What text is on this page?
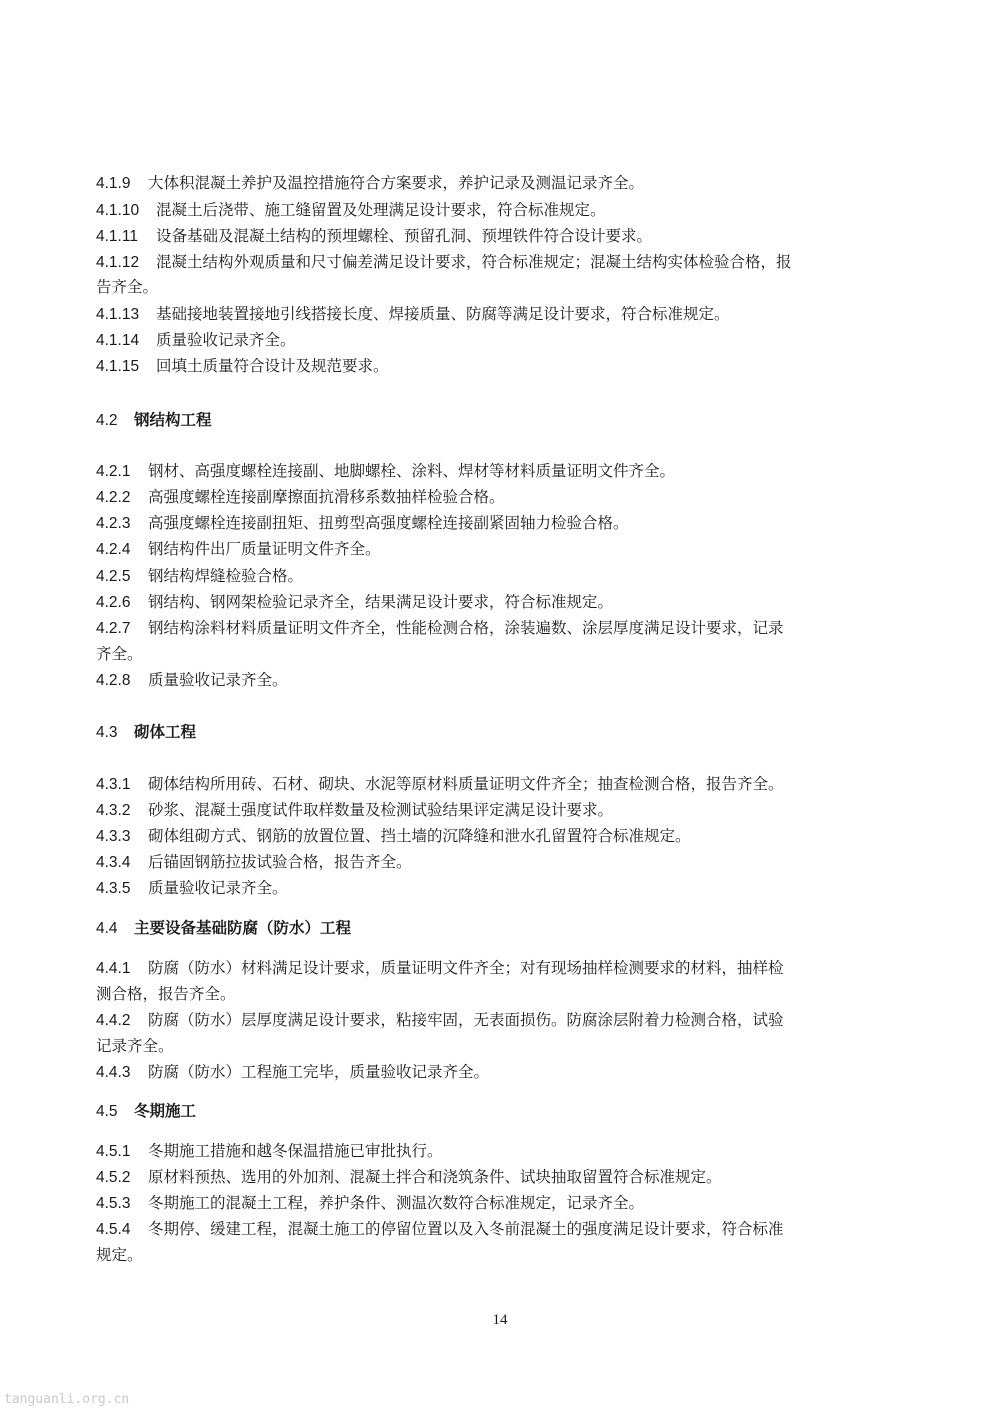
4.1.9 大体积混凝土养护及温控措施符合方案要求，养护记录及测温记录齐全。
4.1.10 混凝土后浇带、施工缝留置及处理满足设计要求，符合标准规定。
4.1.11 设备基础及混凝土结构的预埋螺栓、预留孔洞、预埋铁件符合设计要求。
4.1.12 混凝土结构外观质量和尺寸偏差满足设计要求，符合标准规定；混凝土结构实体检验合格，报
告齐全。
4.1.13 基础接地装置接地引线搭接长度、焊接质量、防腐等满足设计要求，符合标准规定。
4.1.14 质量验收记录齐全。
4.1.15 回填土质量符合设计及规范要求。
4.2 钢结构工程
4.2.1 钢材、高强度螺栓连接副、地脚螺栓、涂料、焊材等材料质量证明文件齐全。
4.2.2 高强度螺栓连接副摩擦面抗滑移系数抽样检验合格。
4.2.3 高强度螺栓连接副扭矩、扭剪型高强度螺栓连接副紧固轴力检验合格。
4.2.4 钢结构件出厂质量证明文件齐全。
4.2.5 钢结构焊缝检验合格。
4.2.6 钢结构、钢网架检验记录齐全，结果满足设计要求，符合标准规定。
4.2.7 钢结构涂料材料质量证明文件齐全，性能检测合格，涂装遍数、涂层厚度满足设计要求，记录
齐全。
4.2.8 质量验收记录齐全。
4.3 砌体工程
4.3.1 砌体结构所用砖、石材、砌块、水泥等原材料质量证明文件齐全；抽查检测合格，报告齐全。
4.3.2 砂浆、混凝土强度试件取样数量及检测试验结果评定满足设计要求。
4.3.3 砌体组砌方式、钢筋的放置位置、挡土墙的沉降缝和泄水孔留置符合标准规定。
4.3.4 后锚固钢筋拉拔试验合格，报告齐全。
4.3.5 质量验收记录齐全。
4.4 主要设备基础防腐（防水）工程
4.4.1 防腐（防水）材料满足设计要求，质量证明文件齐全；对有现场抽样检测要求的材料，抽样检
测合格，报告齐全。
4.4.2 防腐（防水）层厚度满足设计要求，粘接牢固，无表面损伤。防腐涂层附着力检测合格，试验
记录齐全。
4.4.3 防腐（防水）工程施工完毕，质量验收记录齐全。
4.5 冬期施工
4.5.1 冬期施工措施和越冬保温措施已审批执行。
4.5.2 原材料预热、选用的外加剂、混凝土拌合和浇筑条件、试块抽取留置符合标准规定。
4.5.3 冬期施工的混凝土工程，养护条件、测温次数符合标准规定，记录齐全。
4.5.4 冬期停、缓建工程，混凝土施工的停留位置以及入冬前混凝土的强度满足设计要求，符合标准
规定。
14
tanguanli.org.cn
